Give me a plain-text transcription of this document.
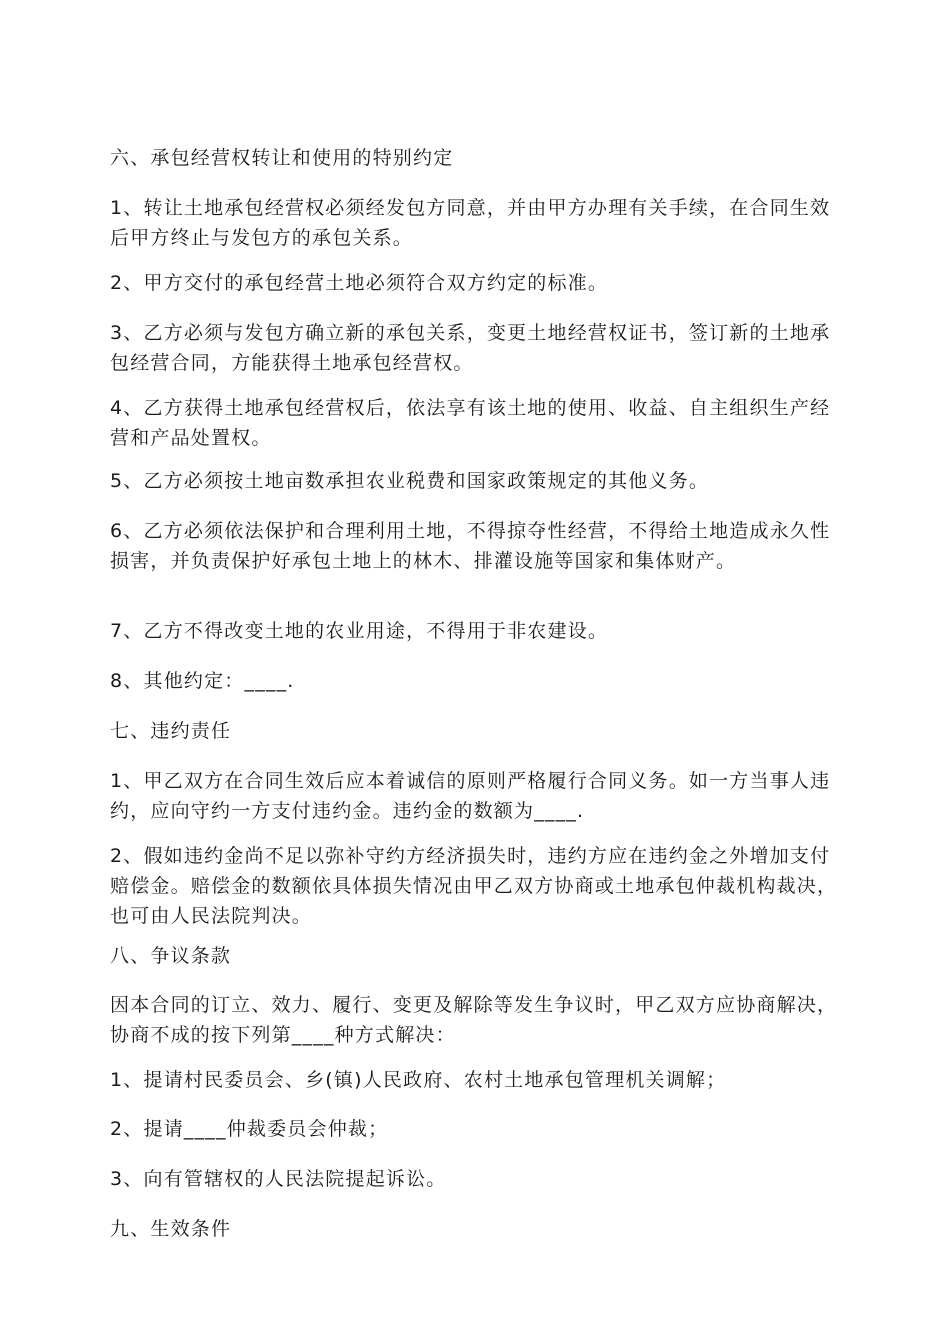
六、承包经营权转让和使用的特别约定

1、转让土地承包经营权必须经发包方同意，并由甲方办理有关手续，在合同生效后甲方终止与发包方的承包关系。

2、甲方交付的承包经营土地必须符合双方约定的标准。

3、乙方必须与发包方确立新的承包关系，变更土地经营权证书，签订新的土地承包经营合同，方能获得土地承包经营权。

4、乙方获得土地承包经营权后，依法享有该土地的使用、收益、自主组织生产经营和产品处置权。

5、乙方必须按土地亩数承担农业税费和国家政策规定的其他义务。

6、乙方必须依法保护和合理利用土地，不得掠夺性经营，不得给土地造成永久性损害，并负责保护好承包土地上的林木、排灌设施等国家和集体财产。

7、乙方不得改变土地的农业用途，不得用于非农建设。

8、其他约定：____.

七、违约责任

1、甲乙双方在合同生效后应本着诚信的原则严格履行合同义务。如一方当事人违约，应向守约一方支付违约金。违约金的数额为____.

2、假如违约金尚不足以弥补守约方经济损失时，违约方应在违约金之外增加支付赔偿金。赔偿金的数额依具体损失情况由甲乙双方协商或土地承包仲裁机构裁决，也可由人民法院判决。

八、争议条款

因本合同的订立、效力、履行、变更及解除等发生争议时，甲乙双方应协商解决，协商不成的按下列第____种方式解决：

1、提请村民委员会、乡(镇)人民政府、农村土地承包管理机关调解；

2、提请____仲裁委员会仲裁；

3、向有管辖权的人民法院提起诉讼。

九、生效条件
